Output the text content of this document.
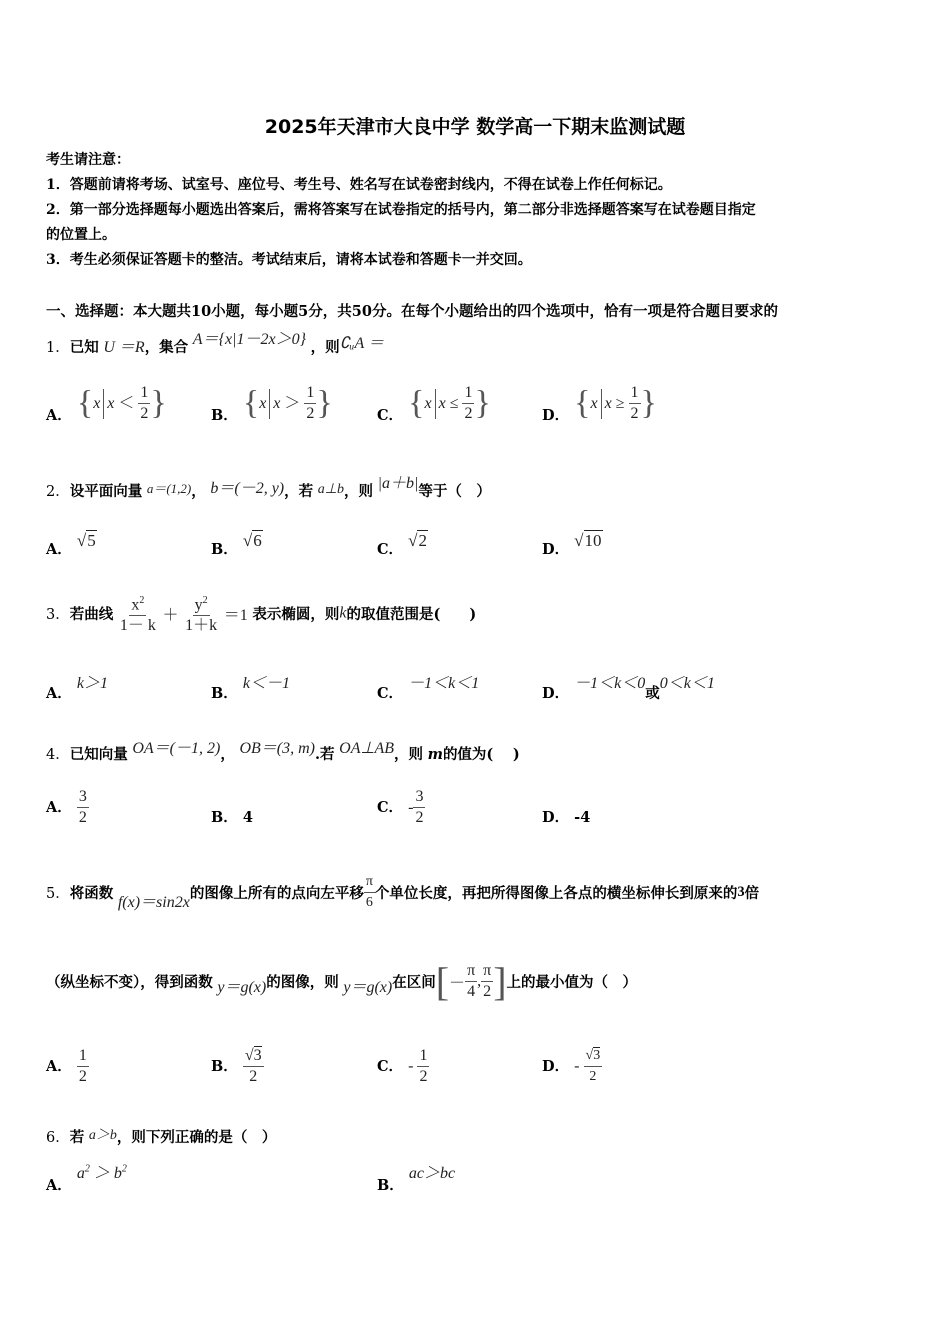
2025年天津市大良中学 数学高一下期末监测试题
考生请注意：
1．答题前请将考场、试室号、座位号、考生号、姓名写在试卷密封线内，不得在试卷上作任何标记。
2．第一部分选择题每小题选出答案后，需将答案写在试卷指定的括号内，第二部分非选择题答案写在试卷题目指定
的位置上。
3．考生必须保证答题卡的整洁。考试结束后，请将本试卷和答题卡一并交回。
一、选择题：本大题共10小题，每小题5分，共50分。在每个小题给出的四个选项中，恰有一项是符合题目要求的
1．已知 U ＝R，集合 A＝{x|1－2x＞0} ，则∁ᵤA ＝
A． {x $x < \frac{1}{2}$ }	B． {x $x > \frac{1}{2}$ }	C． {x $x \le \frac{1}{2}$ }	D． {x $x \ge \frac{1}{2}$ }
2．设平面向量 a＝(1,2)， b＝(－2, y)，若 a⊥b，则 |a＋b|等于（　）
A． √5	B． √6	C． √2	D． √10
3．若曲线 $\frac{x^2}{1- k} + \frac{y^2}{1+k} =1$ 表示椭圆，则k的取值范围是(　　)
A． k＞1
B． k＜－1
C． －1＜k＜1
D． －1＜k＜0或0＜k＜1
4．已知向量 OA＝(－1, 2)， OB＝(3, m).若 OA⊥AB，则 m的值为(　 )
A． $\frac{3}{2}$	B． 4
C． - $\frac{3}{2}$	D． -4
5．将函数 f(x)＝sin2x的图像上所有的点向左平移 $\frac{\pi}{6}$ 个单位长度，再把所得图像上各点的横坐标伸长到原来的3倍
（纵坐标不变），得到函数 y＝g(x)的图像，则 y＝g(x)在区间[－ $\frac{\pi}{4}$ , $\frac{\pi}{2}$ ]上的最小值为（　）
A． $\frac{1}{2}$	B． $\frac{√3}{2}$	C． - $\frac{1}{2}$	D． - $\frac{√3}{2}$
6．若 a＞b，则下列正确的是（　）
A． $a^2 > b^2$
B． ac＞bc
